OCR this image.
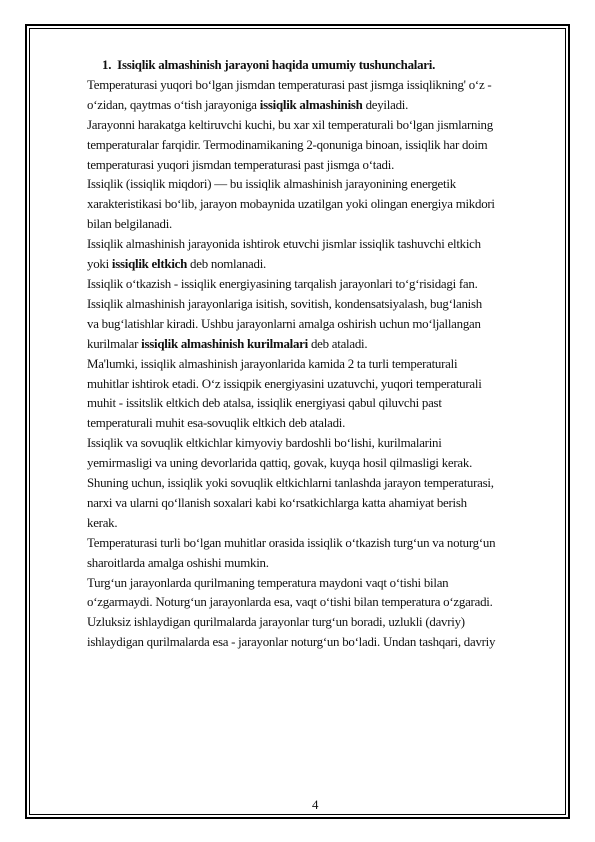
1. Issiqlik almashinish jarayoni haqida umumiy tushunchalari.
Temperaturasi yuqori bo‘lgan jismdan temperaturasi past jismga issiqlikning' o‘z -
o‘zidan, qaytmas o‘tish jarayoniga issiqlik almashinish deyiladi.
Jarayonni harakatga keltiruvchi kuchi, bu xar xil temperaturali bo‘lgan jismlarning
temperaturalar farqidir. Termodinamikaning 2-qonuniga binoan, issiqlik har doim
temperaturasi yuqori jismdan temperaturasi past jismga o‘tadi.
Issiqlik (issiqlik miqdori) — bu issiqlik almashinish jarayonining energetik
xarakteristikasi bo‘lib, jarayon mobaynida uzatilgan yoki olingan energiya mikdori
bilan belgilanadi.
Issiqlik almashinish jarayonida ishtirok etuvchi jismlar issiqlik tashuvchi eltkich
yoki issiqlik eltkich deb nomlanadi.
Issiqlik o‘tkazish - issiqlik energiyasining tarqalish jarayonlari to‘g‘risidagi fan.
Issiqlik almashinish jarayonlariga isitish, sovitish, kondensatsiyalash, bug‘lanish
va bug‘latishlar kiradi. Ushbu jarayonlarni amalga oshirish uchun mo‘ljallangan
kurilmalar issiqlik almashinish kurilmalari deb ataladi.
Ma'lumki, issiqlik almashinish jarayonlarida kamida 2 ta turli temperaturali
muhitlar ishtirok etadi. O‘z issiqpik energiyasini uzatuvchi, yuqori temperaturali
muhit - issitslik eltkich deb atalsa, issiqlik energiyasi qabul qiluvchi past
temperaturali muhit esa-sovuqlik eltkich deb ataladi.
Issiqlik va sovuqlik eltkichlar kimyoviy bardoshli bo‘lishi, kurilmalarini
yemirmasligi va uning devorlarida qattiq, govak, kuyqa hosil qilmasligi kerak.
Shuning uchun, issiqlik yoki sovuqlik eltkichlarni tanlashda jarayon temperaturasi,
narxi va ularni qo‘llanish soxalari kabi ko‘rsatkichlarga katta ahamiyat berish
kerak.
Temperaturasi turli bo‘lgan muhitlar orasida issiqlik o‘tkazish turg‘un va noturg‘un
sharoitlarda amalga oshishi mumkin.
Turg‘un jarayonlarda qurilmaning temperatura maydoni vaqt o‘tishi bilan
o‘zgarmaydi. Noturg‘un jarayonlarda esa, vaqt o‘tishi bilan temperatura o‘zgaradi.
Uzluksiz ishlaydigan qurilmalarda jarayonlar turg‘un boradi, uzlukli (davriy)
ishlaydigan qurilmalarda esa - jarayonlar noturg‘un bo‘ladi. Undan tashqari, davriy
4
